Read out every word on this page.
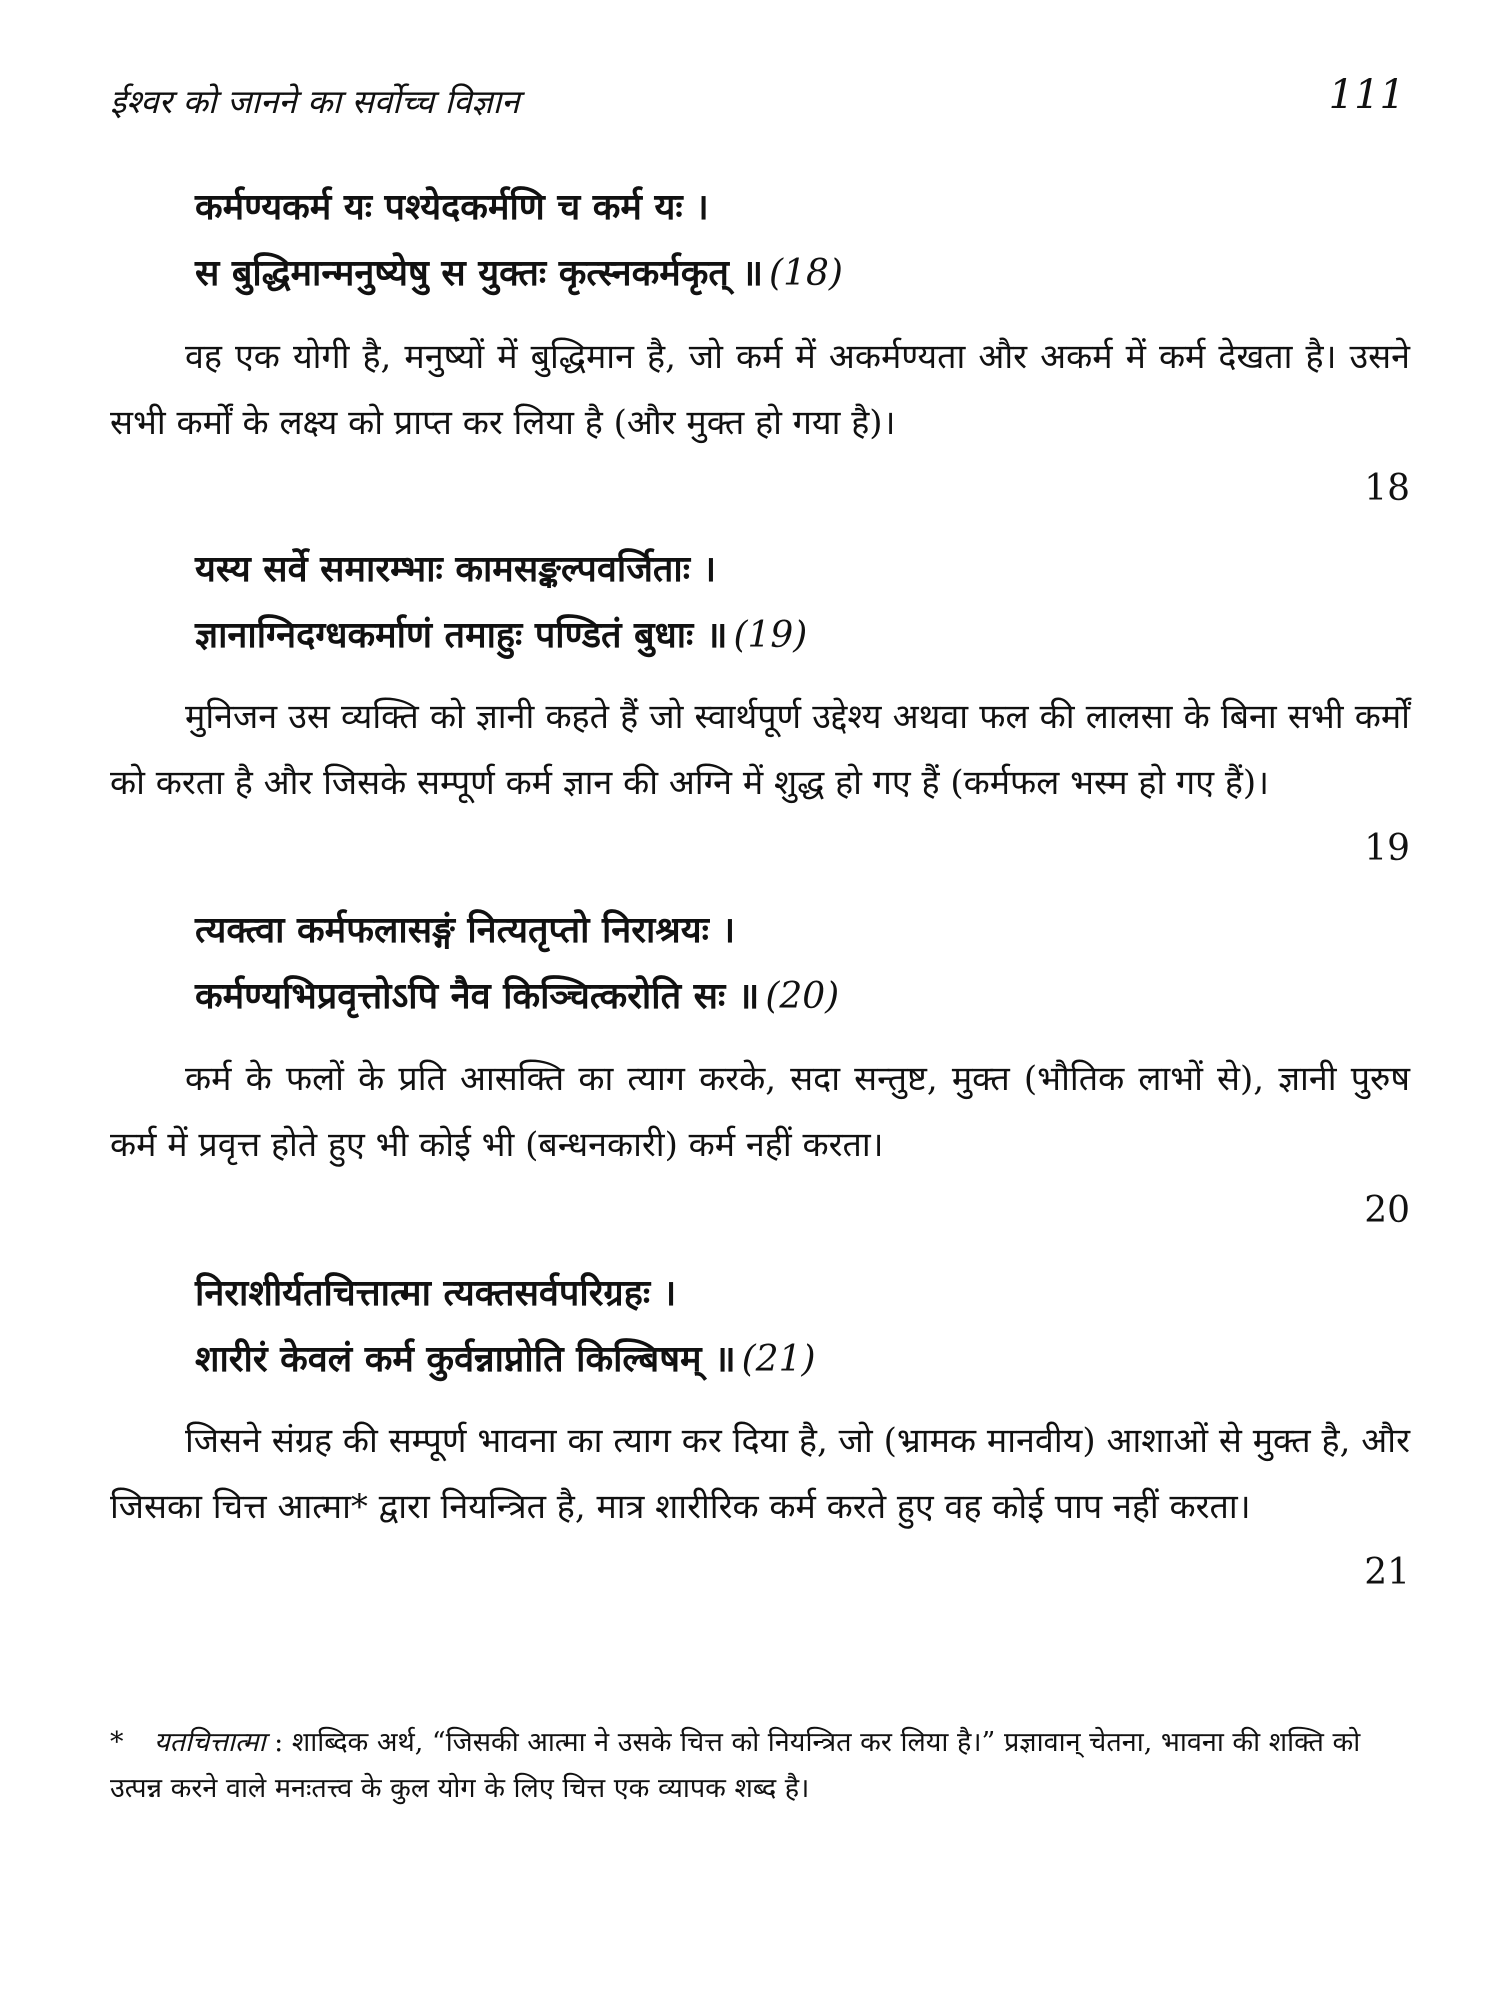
ईश्वर को जानने का सर्वोच्च विज्ञान	111
कर्मण्यकर्म यः पश्येदकर्मणि च कर्म यः ।
स बुद्धिमान्मनुष्येषु स युक्तः कृत्स्नकर्मकृत् ॥ (18)
वह एक योगी है, मनुष्यों में बुद्धिमान है, जो कर्म में अकर्मण्यता और अकर्म में कर्म देखता है। उसने सभी कर्मों के लक्ष्य को प्राप्त कर लिया है (और मुक्त हो गया है)।
18
यस्य सर्वे समारम्भाः कामसङ्कल्पवर्जिताः ।
ज्ञानाग्निदग्धकर्माणं तमाहुः पण्डितं बुधाः ॥ (19)
मुनिजन उस व्यक्ति को ज्ञानी कहते हैं जो स्वार्थपूर्ण उद्देश्य अथवा फल की लालसा के बिना सभी कर्मों को करता है और जिसके सम्पूर्ण कर्म ज्ञान की अग्नि में शुद्ध हो गए हैं (कर्मफल भस्म हो गए हैं)।
19
त्यक्त्वा कर्मफलासङ्गं नित्यतृप्तो निराश्रयः ।
कर्मण्यभिप्रवृत्तोऽपि नैव किञ्चित्करोति सः ॥ (20)
कर्म के फलों के प्रति आसक्ति का त्याग करके, सदा सन्तुष्ट, मुक्त (भौतिक लाभों से), ज्ञानी पुरुष कर्म में प्रवृत्त होते हुए भी कोई भी (बन्धनकारी) कर्म नहीं करता।
20
निराशीर्यतचित्तात्मा त्यक्तसर्वपरिग्रहः ।
शारीरं केवलं कर्म कुर्वन्नाप्नोति किल्बिषम् ॥ (21)
जिसने संग्रह की सम्पूर्ण भावना का त्याग कर दिया है, जो (भ्रामक मानवीय) आशाओं से मुक्त है, और जिसका चित्त आत्मा* द्वारा नियन्त्रित है, मात्र शारीरिक कर्म करते हुए वह कोई पाप नहीं करता।
21
* यतचित्तात्मा : शाब्दिक अर्थ, “जिसकी आत्मा ने उसके चित्त को नियन्त्रित कर लिया है।” प्रज्ञावान् चेतना, भावना की शक्ति को उत्पन्न करने वाले मनःतत्त्व के कुल योग के लिए चित्त एक व्यापक शब्द है।
